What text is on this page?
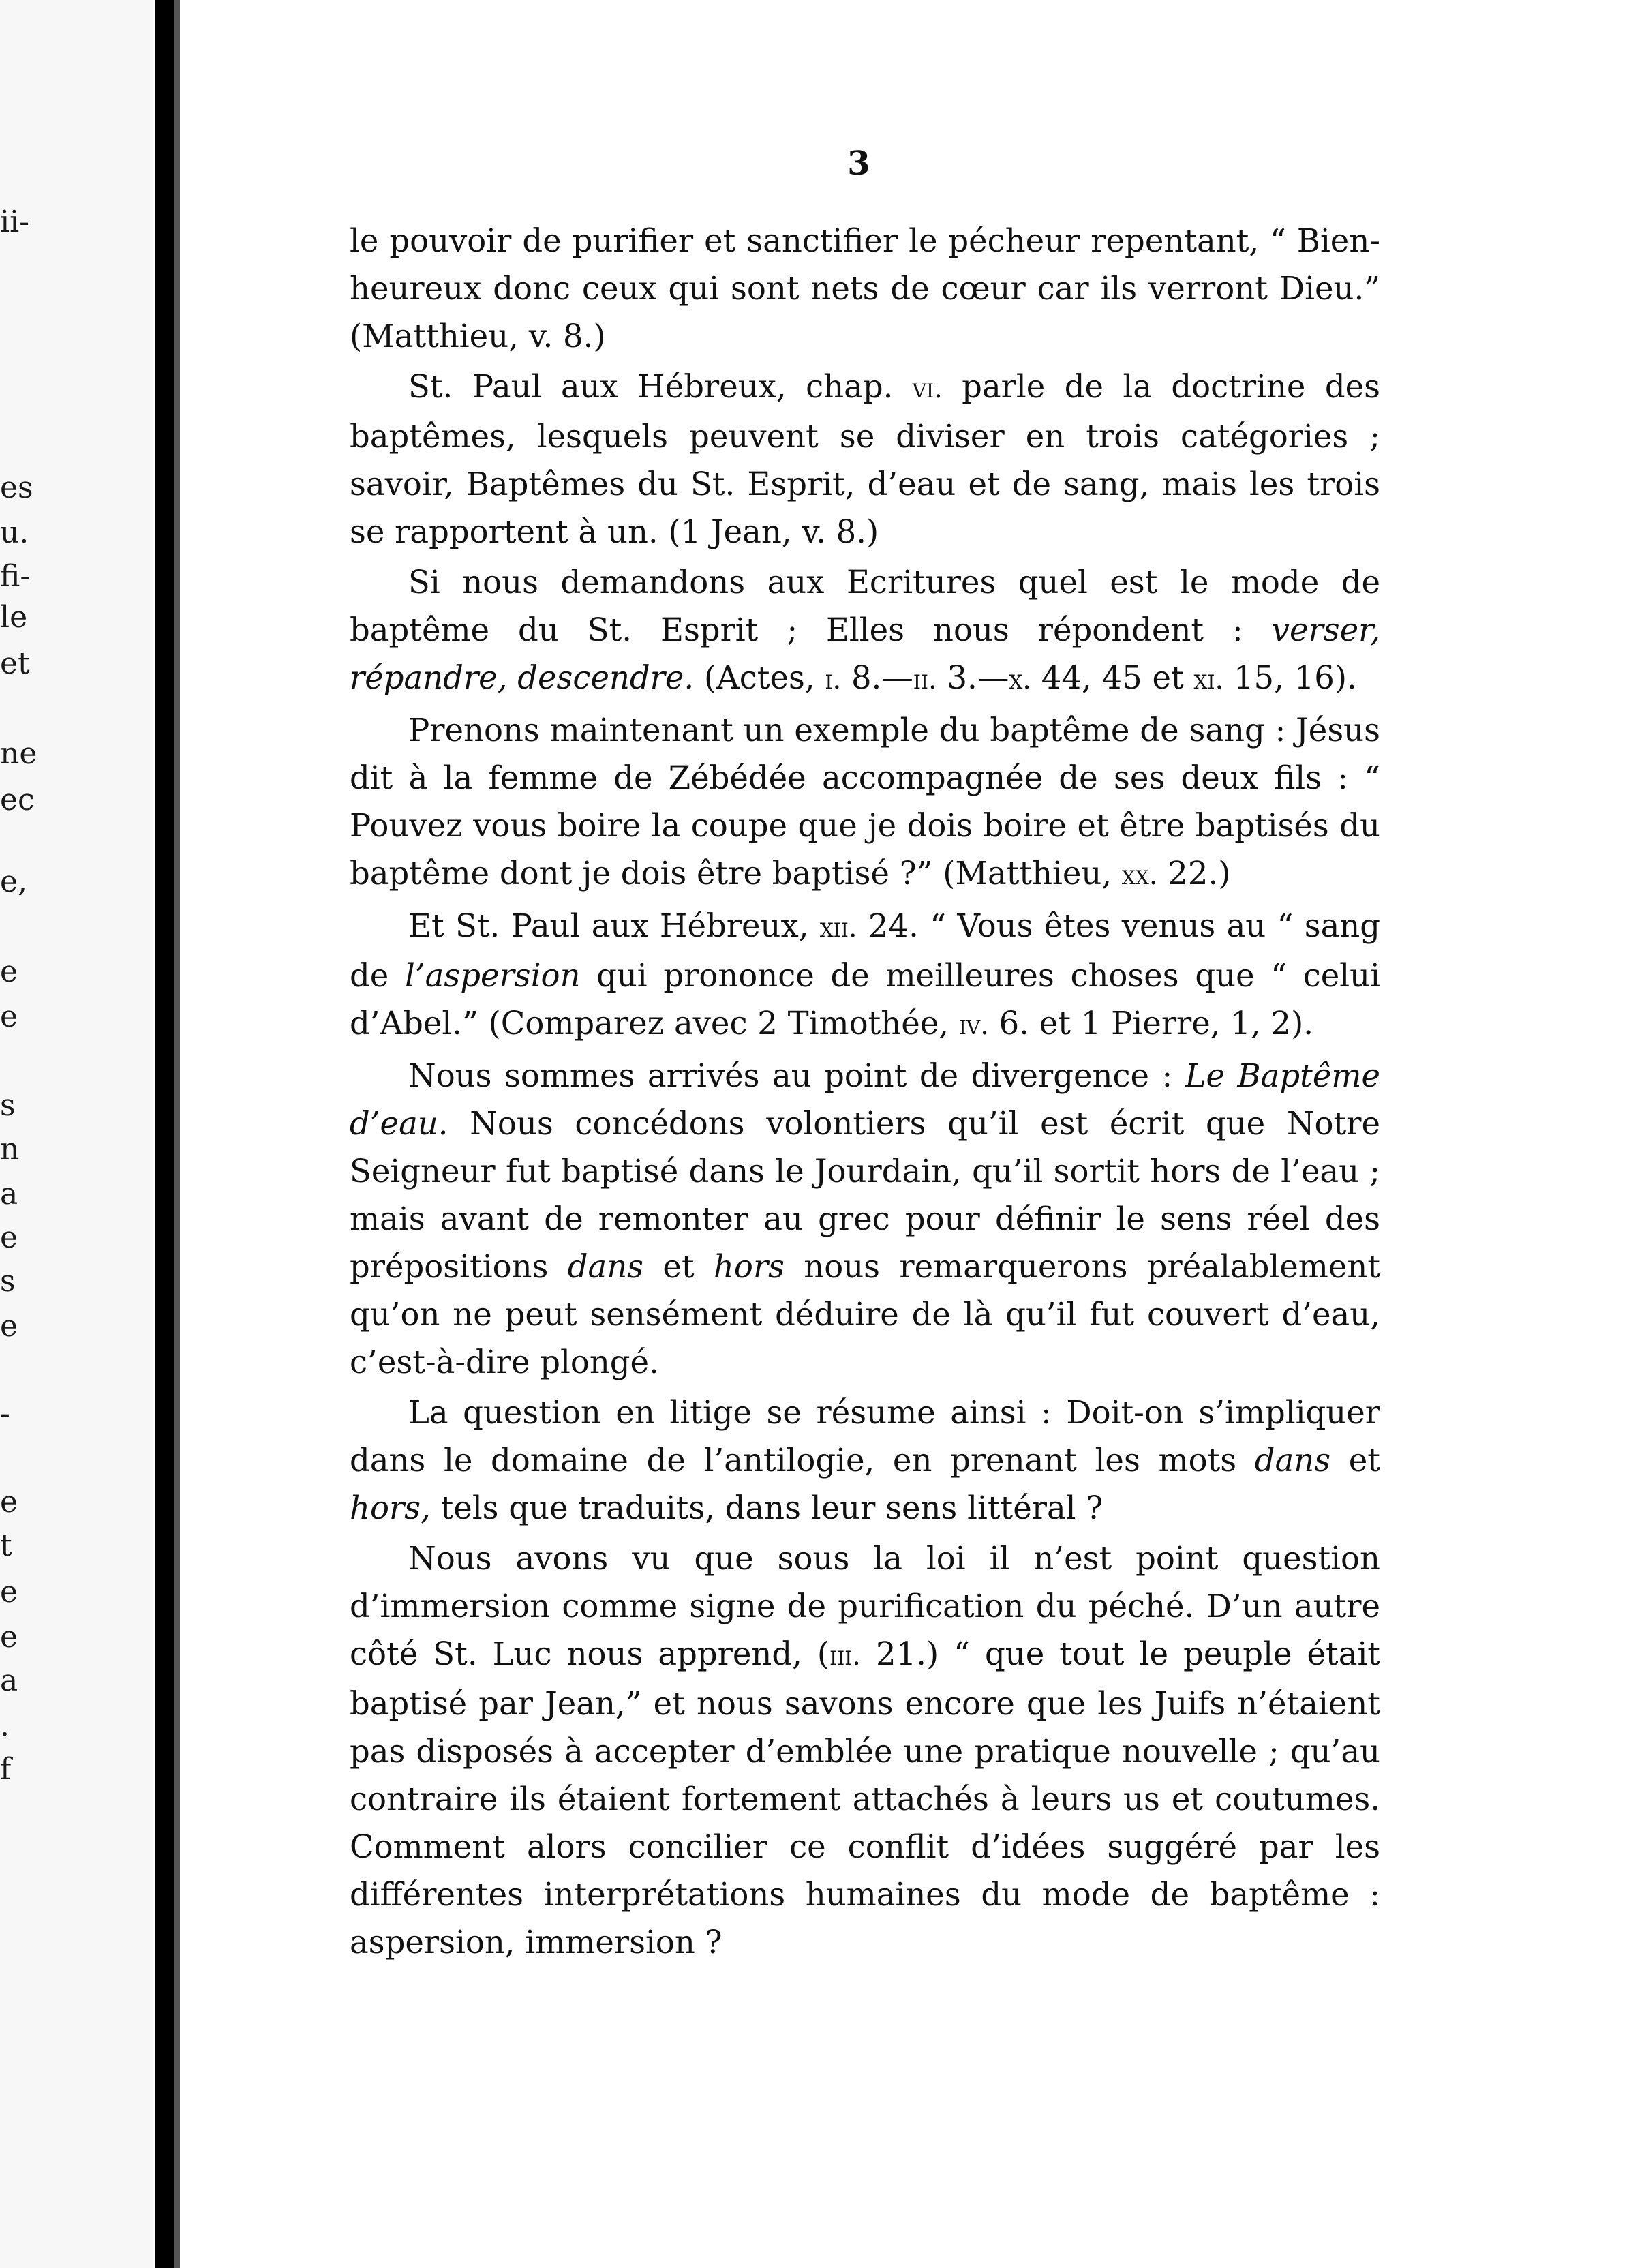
ii-
es
u.
fi-
le
et
ne
ec
e,
e
e
s
n
a
e
s
e
-
e
t
e
e
a
.
f
3

le pouvoir de purifier et sanctifier le pécheur repentant, “ Bien-heureux donc ceux qui sont nets de cœur car ils verront Dieu.” (Matthieu, v. 8.)

St. Paul aux Hébreux, chap. vi. parle de la doctrine des baptêmes, lesquels peuvent se diviser en trois catégories ; savoir, Baptêmes du St. Esprit, d’eau et de sang, mais les trois se rapportent à un. (1 Jean, v. 8.)

Si nous demandons aux Ecritures quel est le mode de baptême du St. Esprit ; Elles nous répondent : verser, répandre, descendre. (Actes, i. 8.—ii. 3.—x. 44, 45 et xi. 15, 16).

Prenons maintenant un exemple du baptême de sang : Jésus dit à la femme de Zébédée accompagnée de ses deux fils : “ Pouvez vous boire la coupe que je dois boire et être baptisés du baptême dont je dois être baptisé ?” (Matthieu, xx. 22.)

Et St. Paul aux Hébreux, xii. 24. “ Vous êtes venus au “ sang de l’aspersion qui prononce de meilleures choses que “ celui d’Abel.” (Comparez avec 2 Timothée, iv. 6. et 1 Pierre, 1, 2).

Nous sommes arrivés au point de divergence : Le Baptême d’eau. Nous concédons volontiers qu’il est écrit que Notre Seigneur fut baptisé dans le Jourdain, qu’il sortit hors de l’eau ; mais avant de remonter au grec pour définir le sens réel des prépositions dans et hors nous remarquerons préalablement qu’on ne peut sensément déduire de là qu’il fut couvert d’eau, c’est-à-dire plongé.

La question en litige se résume ainsi : Doit-on s’impliquer dans le domaine de l’antilogie, en prenant les mots dans et hors, tels que traduits, dans leur sens littéral ?

Nous avons vu que sous la loi il n’est point question d’immersion comme signe de purification du péché. D’un autre côté St. Luc nous apprend, (iii. 21.) “ que tout le peuple était baptisé par Jean,” et nous savons encore que les Juifs n’étaient pas disposés à accepter d’emblée une pratique nouvelle ; qu’au contraire ils étaient fortement attachés à leurs us et coutumes. Comment alors concilier ce conflit d’idées suggéré par les différentes interprétations humaines du mode de baptême : aspersion, immersion ?
